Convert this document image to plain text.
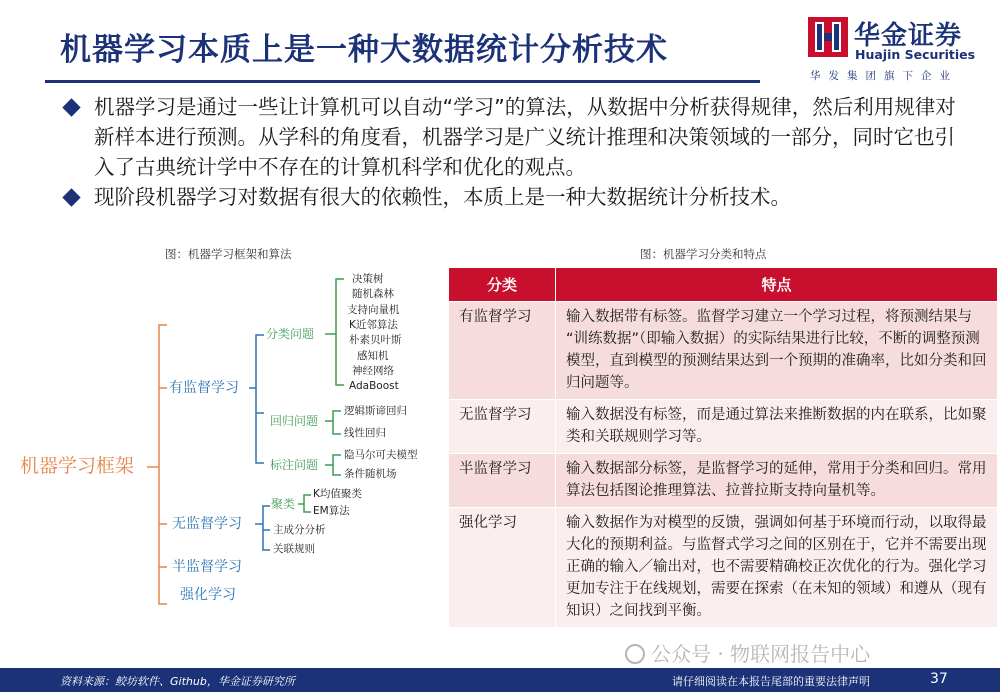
机器学习本质上是一种大数据统计分析技术	华金证券
Huajin Securities
华发集团旗下企业
机器学习是通过一些让计算机可以自动“学习”的算法，从数据中分析获得规律，然后利用规律对新样本进行预测。从学科的角度看，机器学习是广义统计推理和决策领域的一部分，同时它也引入了古典统计学中不存在的计算机科学和优化的观点。
现阶段机器学习对数据有很大的依赖性，本质上是一种大数据统计分析技术。
图：机器学习框架和算法	图：机器学习分类和特点
机器学习框架
有监督学习
无监督学习
半监督学习
强化学习
分类问题
回归问题
标注问题
聚类
决策树
随机森林
支持向量机
K近邻算法
朴素贝叶斯
感知机
神经网络
AdaBoost
逻辑斯谛回归
线性回归
隐马尔可夫模型
条件随机场
K均值聚类
EM算法
主成分分析
关联规则
分类	特点
有监督学习	输入数据带有标签。监督学习建立一个学习过程，将预测结果与 “训练数据”（即输入数据）的实际结果进行比较，不断的调整预测模型，直到模型的预测结果达到一个预期的准确率，比如分类和回归问题等。
无监督学习	输入数据没有标签，而是通过算法来推断数据的内在联系，比如聚类和关联规则学习等。
半监督学习	输入数据部分标签，是监督学习的延伸，常用于分类和回归。常用算法包括图论推理算法、拉普拉斯支持向量机等。
强化学习	输入数据作为对模型的反馈，强调如何基于环境而行动，以取得最大化的预期利益。与监督式学习之间的区别在于，它并不需要出现正确的输入／输出对，也不需要精确校正次优化的行为。强化学习更加专注于在线规划，需要在探索（在未知的领域）和遵从（现有知识）之间找到平衡。
公众号 · 物联网报告中心
资料来源：鲛坊软件、Github，华金证券研究所	请仔细阅读在本报告尾部的重要法律声明	37
